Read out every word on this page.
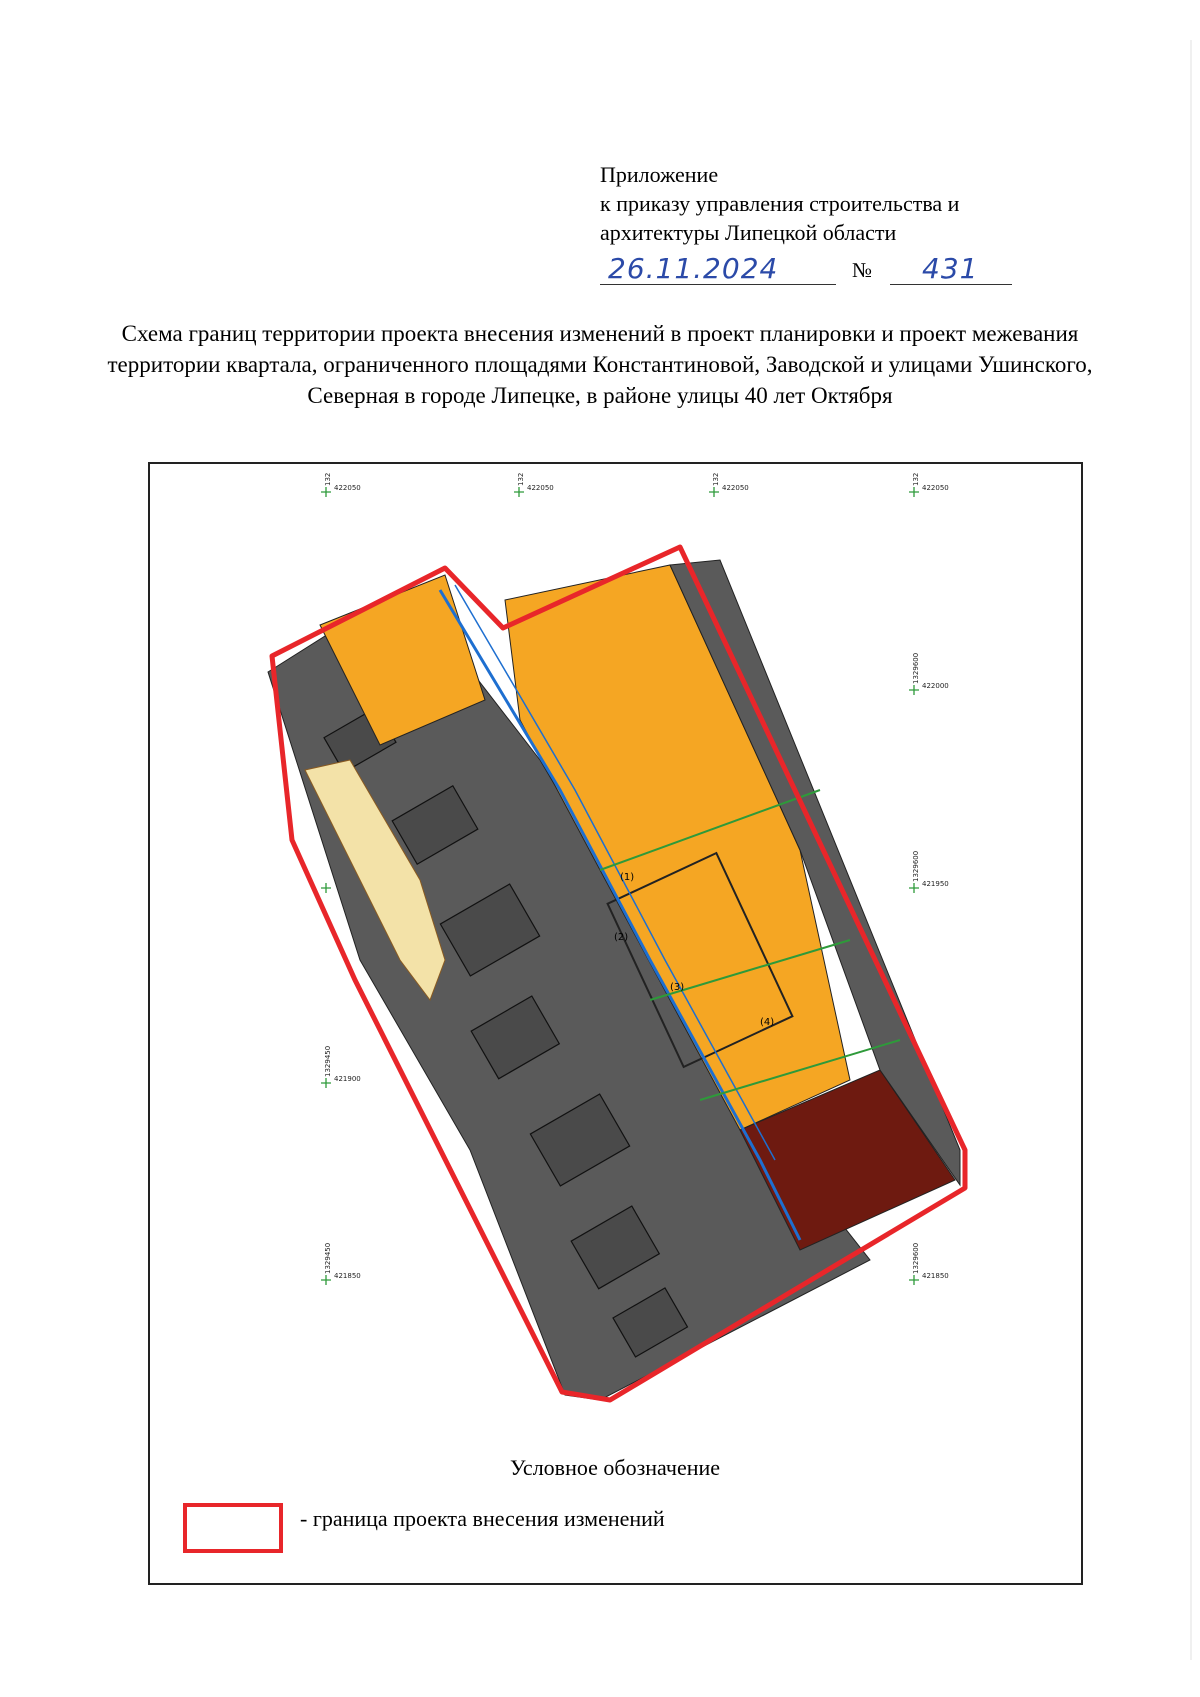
Приложение
к приказу управления строительства и
архитектуры Липецкой области
26.11.2024	№ 431
Схема границ территории проекта внесения изменений в проект планировки и проект межевания территории квартала, ограниченного площадями Константиновой, Заводской и улицами Ушинского, Северная в городе Липецке, в районе улицы 40 лет Октября
(1)
(2)
(3)
(4)
422050	422050	422050	422050
422000
421950
421850
421900
421850
132	132	132	132
1329600
1329600
1329600
1329450
1329450
Условное обозначение
- граница проекта внесения изменений
